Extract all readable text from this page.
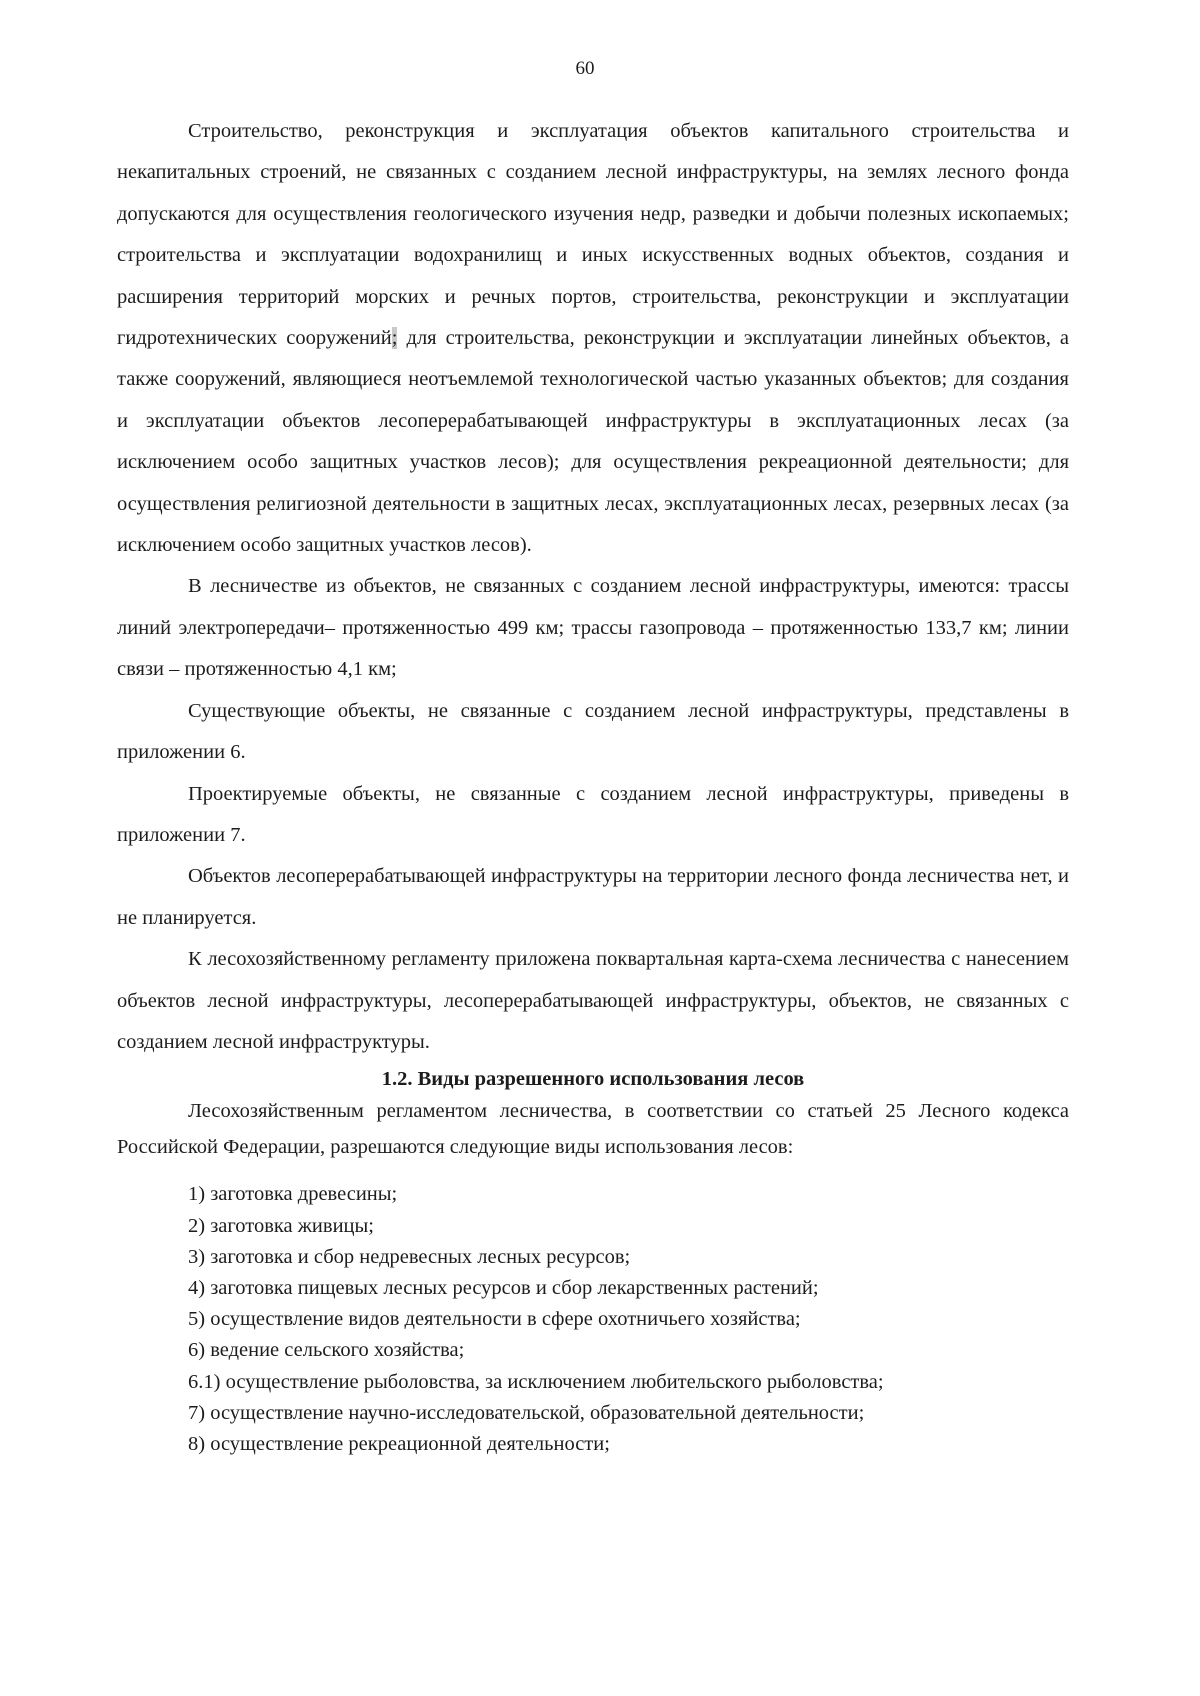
60

Строительство, реконструкция и эксплуатация объектов капитального строительства и некапитальных строений, не связанных с созданием лесной инфраструктуры, на землях лесного фонда допускаются для осуществления геологического изучения недр, разведки и добычи полезных ископаемых; строительства и эксплуатации водохранилищ и иных искусственных водных объектов, создания и расширения территорий морских и речных портов, строительства, реконструкции и эксплуатации гидротехнических сооружений; для строительства, реконструкции и эксплуатации линейных объектов, а также сооружений, являющиеся неотъемлемой технологической частью указанных объектов; для создания и эксплуатации объектов лесоперерабатывающей инфраструктуры в эксплуатационных лесах (за исключением особо защитных участков лесов); для осуществления рекреационной деятельности; для осуществления религиозной деятельности в защитных лесах, эксплуатационных лесах, резервных лесах (за исключением особо защитных участков лесов).

В лесничестве из объектов, не связанных с созданием лесной инфраструктуры, имеются: трассы линий электропередачи– протяженностью 499 км; трассы газопровода – протяженностью 133,7 км; линии связи – протяженностью 4,1 км;

Существующие объекты, не связанные с созданием лесной инфраструктуры, представлены в приложении 6.

Проектируемые объекты, не связанные с созданием лесной инфраструктуры, приведены в приложении 7.

Объектов лесоперерабатывающей инфраструктуры на территории лесного фонда лесничества нет, и не планируется.

К лесохозяйственному регламенту приложена поквартальная карта-схема лесничества с нанесением объектов лесной инфраструктуры, лесоперерабатывающей инфраструктуры, объектов, не связанных с созданием лесной инфраструктуры.

1.2. Виды разрешенного использования лесов

Лесохозяйственным регламентом лесничества, в соответствии со статьей 25 Лесного кодекса Российской Федерации, разрешаются следующие виды использования лесов:

1) заготовка древесины;
2) заготовка живицы;
3) заготовка и сбор недревесных лесных ресурсов;
4) заготовка пищевых лесных ресурсов и сбор лекарственных растений;
5) осуществление видов деятельности в сфере охотничьего хозяйства;
6) ведение сельского хозяйства;
6.1) осуществление рыболовства, за исключением любительского рыболовства;
7) осуществление научно-исследовательской, образовательной деятельности;
8) осуществление рекреационной деятельности;
